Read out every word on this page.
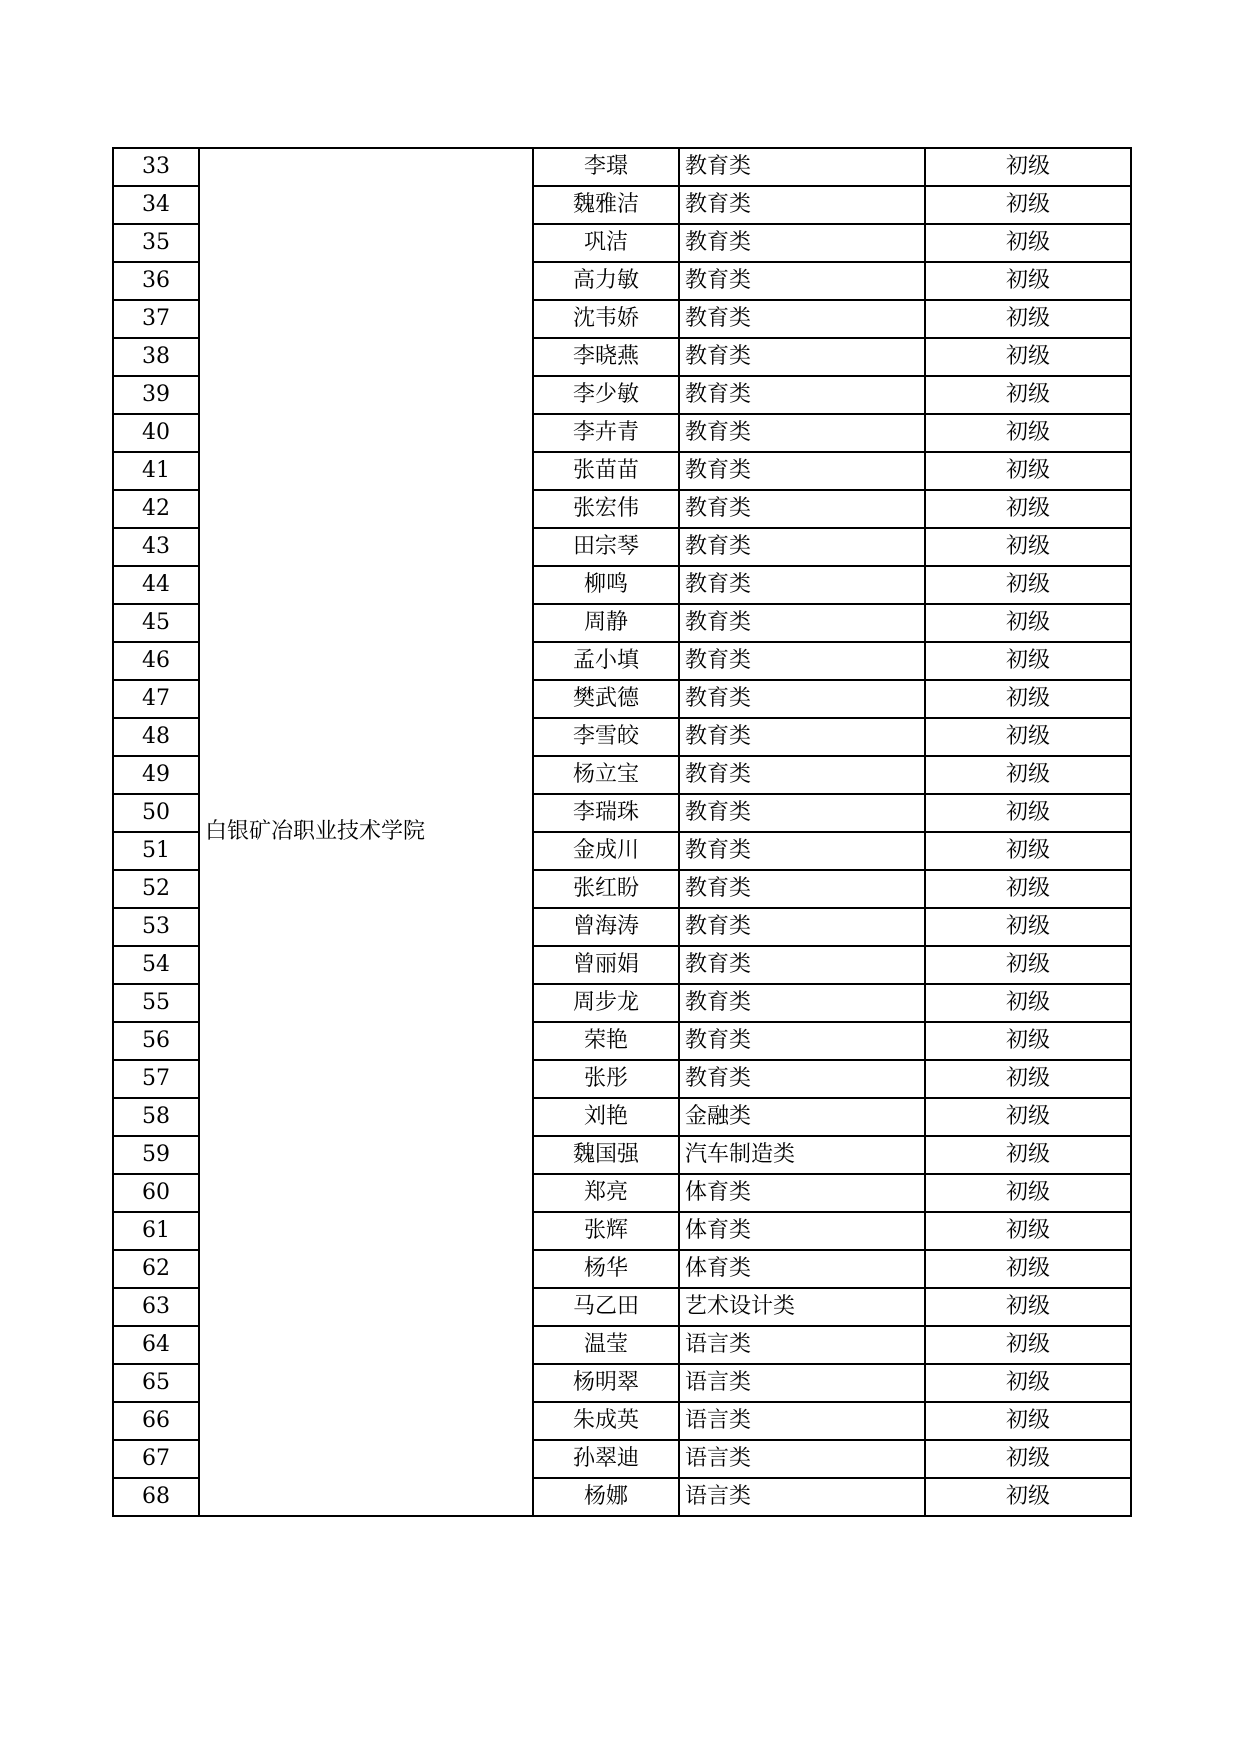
33	白银矿冶职业技术学院	李璟	教育类	初级
34		魏雅洁	教育类	初级
35		巩洁	教育类	初级
36		高力敏	教育类	初级
37		沈韦娇	教育类	初级
38		李晓燕	教育类	初级
39		李少敏	教育类	初级
40		李卉青	教育类	初级
41		张苗苗	教育类	初级
42		张宏伟	教育类	初级
43		田宗琴	教育类	初级
44		柳鸣	教育类	初级
45		周静	教育类	初级
46		孟小填	教育类	初级
47		樊武德	教育类	初级
48		李雪皎	教育类	初级
49		杨立宝	教育类	初级
50		李瑞珠	教育类	初级
51		金成川	教育类	初级
52		张红盼	教育类	初级
53		曾海涛	教育类	初级
54		曾丽娟	教育类	初级
55		周步龙	教育类	初级
56		荣艳	教育类	初级
57		张彤	教育类	初级
58		刘艳	金融类	初级
59		魏国强	汽车制造类	初级
60		郑亮	体育类	初级
61		张辉	体育类	初级
62		杨华	体育类	初级
63		马乙田	艺术设计类	初级
64		温莹	语言类	初级
65		杨明翠	语言类	初级
66		朱成英	语言类	初级
67		孙翠迪	语言类	初级
68		杨娜	语言类	初级
